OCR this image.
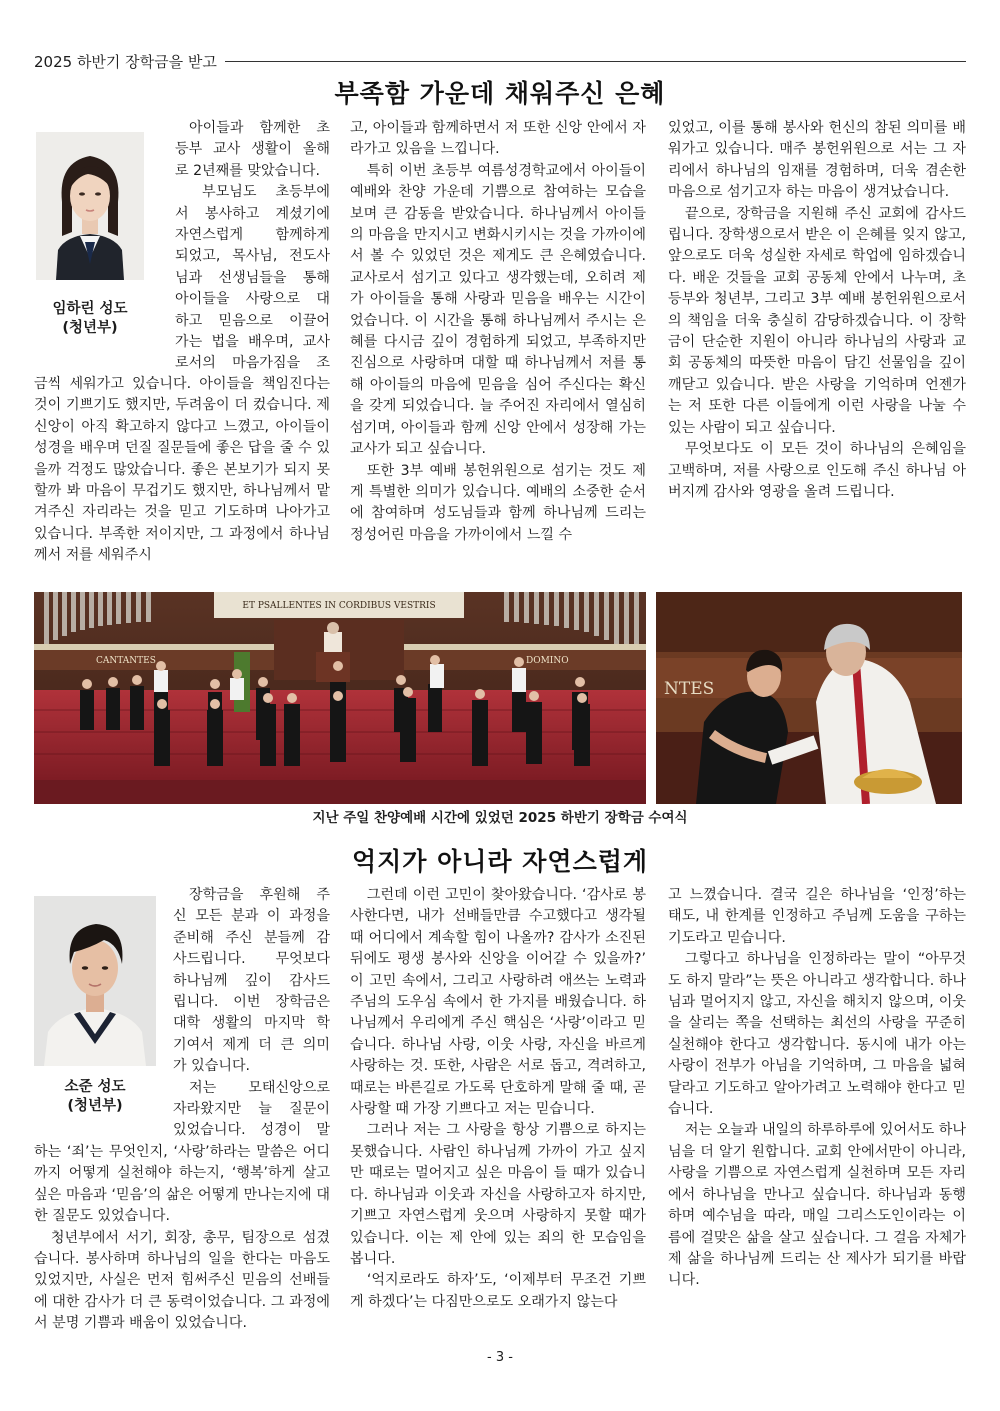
2025 하반기 장학금을 받고
부족함 가운데 채워주신 은혜
임하린 성도
(청년부)
아이들과 함께한 초
등부 교사 생활이 올해
로 2년째를 맞았습니다.
부모님도 초등부에
서 봉사하고 계셨기에
자연스럽게 함께하게
되었고, 목사님, 전도사
님과 선생님들을 통해
아이들을 사랑으로 대
하고 믿음으로 이끌어
가는 법을 배우며, 교사
로서의 마음가짐을 조

금씩 세워가고 있습니다. 아이들을 책임진다는 것이 기쁘기도 했지만, 두려움이 더 컸습니다. 제 신앙이 아직 확고하지 않다고 느꼈고, 아이들이 성경을 배우며 던질 질문들에 좋은 답을 줄 수 있을까 걱정도 많았습니다. 좋은 본보기가 되지 못할까 봐 마음이 무겁기도 했지만, 하나님께서 맡겨주신 자리라는 것을 믿고 기도하며 나아가고 있습니다. 부족한 저이지만, 그 과정에서 하나님께서 저를 세워주시

고, 아이들과 함께하면서 저 또한 신앙 안에서 자라가고 있음을 느낍니다.

특히 이번 초등부 여름성경학교에서 아이들이 예배와 찬양 가운데 기쁨으로 참여하는 모습을 보며 큰 감동을 받았습니다. 하나님께서 아이들의 마음을 만지시고 변화시키시는 것을 가까이에서 볼 수 있었던 것은 제게도 큰 은혜였습니다. 교사로서 섬기고 있다고 생각했는데, 오히려 제가 아이들을 통해 사랑과 믿음을 배우는 시간이었습니다. 이 시간을 통해 하나님께서 주시는 은혜를 다시금 깊이 경험하게 되었고, 부족하지만 진심으로 사랑하며 대할 때 하나님께서 저를 통해 아이들의 마음에 믿음을 심어 주신다는 확신을 갖게 되었습니다. 늘 주어진 자리에서 열심히 섬기며, 아이들과 함께 신앙 안에서 성장해 가는 교사가 되고 싶습니다.

또한 3부 예배 봉헌위원으로 섬기는 것도 제게 특별한 의미가 있습니다. 예배의 소중한 순서에 참여하며 성도님들과 함께 하나님께 드리는 정성어린 마음을 가까이에서 느낄 수

있었고, 이를 통해 봉사와 헌신의 참된 의미를 배워가고 있습니다. 매주 봉헌위원으로 서는 그 자리에서 하나님의 임재를 경험하며, 더욱 겸손한 마음으로 섬기고자 하는 마음이 생겨났습니다.

끝으로, 장학금을 지원해 주신 교회에 감사드립니다. 장학생으로서 받은 이 은혜를 잊지 않고, 앞으로도 더욱 성실한 자세로 학업에 임하겠습니다. 배운 것들을 교회 공동체 안에서 나누며, 초등부와 청년부, 그리고 3부 예배 봉헌위원으로서의 책임을 더욱 충실히 감당하겠습니다. 이 장학금이 단순한 지원이 아니라 하나님의 사랑과 교회 공동체의 따뜻한 마음이 담긴 선물임을 깊이 깨닫고 있습니다. 받은 사랑을 기억하며 언젠가는 저 또한 다른 이들에게 이런 사랑을 나눌 수 있는 사람이 되고 싶습니다.

무엇보다도 이 모든 것이 하나님의 은혜임을 고백하며, 저를 사랑으로 인도해 주신 하나님 아버지께 감사와 영광을 올려 드립니다.

ET PSALLENTES IN CORDIBUS VESTRIS
CANTANTES	DOMINO
NTES
지난 주일 찬양예배 시간에 있었던 2025 하반기 장학금 수여식
억지가 아니라 자연스럽게
소준 성도
(청년부)
장학금을 후원해 주
신 모든 분과 이 과정을
준비해 주신 분들께 감
사드립니다. 무엇보다
하나님께 깊이 감사드
립니다. 이번 장학금은
대학 생활의 마지막 학
기여서 제게 더 큰 의미
가 있습니다.
저는 모태신앙으로
자라왔지만 늘 질문이
있었습니다. 성경이 말

하는 ‘죄’는 무엇인지, ‘사랑’하라는 말씀은 어디까지 어떻게 실천해야 하는지, ‘행복’하게 살고 싶은 마음과 ‘믿음’의 삶은 어떻게 만나는지에 대한 질문도 있었습니다.

청년부에서 서기, 회장, 총무, 팀장으로 섬겼습니다. 봉사하며 하나님의 일을 한다는 마음도 있었지만, 사실은 먼저 힘써주신 믿음의 선배들에 대한 감사가 더 큰 동력이었습니다. 그 과정에서 분명 기쁨과 배움이 있었습니다.

그런데 이런 고민이 찾아왔습니다. ‘감사로 봉사한다면, 내가 선배들만큼 수고했다고 생각될 때 어디에서 계속할 힘이 나올까? 감사가 소진된 뒤에도 평생 봉사와 신앙을 이어갈 수 있을까?’ 이 고민 속에서, 그리고 사랑하려 애쓰는 노력과 주님의 도우심 속에서 한 가지를 배웠습니다. 하나님께서 우리에게 주신 핵심은 ‘사랑’이라고 믿습니다. 하나님 사랑, 이웃 사랑, 자신을 바르게 사랑하는 것. 또한, 사람은 서로 돕고, 격려하고, 때로는 바른길로 가도록 단호하게 말해 줄 때, 곧 사랑할 때 가장 기쁘다고 저는 믿습니다.

그러나 저는 그 사랑을 항상 기쁨으로 하지는 못했습니다. 사람인 하나님께 가까이 가고 싶지만 때로는 멀어지고 싶은 마음이 들 때가 있습니다. 하나님과 이웃과 자신을 사랑하고자 하지만, 기쁘고 자연스럽게 웃으며 사랑하지 못할 때가 있습니다. 이는 제 안에 있는 죄의 한 모습임을 봅니다.

‘억지로라도 하자’도, ‘이제부터 무조건 기쁘게 하겠다’는 다짐만으로도 오래가지 않는다

고 느꼈습니다. 결국 길은 하나님을 ‘인정’하는 태도, 내 한계를 인정하고 주님께 도움을 구하는 기도라고 믿습니다.

그렇다고 하나님을 인정하라는 말이 “아무것도 하지 말라”는 뜻은 아니라고 생각합니다. 하나님과 멀어지지 않고, 자신을 해치지 않으며, 이웃을 살리는 쪽을 선택하는 최선의 사랑을 꾸준히 실천해야 한다고 생각합니다. 동시에 내가 아는 사랑이 전부가 아님을 기억하며, 그 마음을 넓혀 달라고 기도하고 알아가려고 노력해야 한다고 믿습니다.

저는 오늘과 내일의 하루하루에 있어서도 하나님을 더 알기 원합니다. 교회 안에서만이 아니라, 사랑을 기쁨으로 자연스럽게 실천하며 모든 자리에서 하나님을 만나고 싶습니다. 하나님과 동행하며 예수님을 따라, 매일 그리스도인이라는 이름에 걸맞은 삶을 살고 싶습니다. 그 걸음 자체가 제 삶을 하나님께 드리는 산 제사가 되기를 바랍니다.

- 3 -
